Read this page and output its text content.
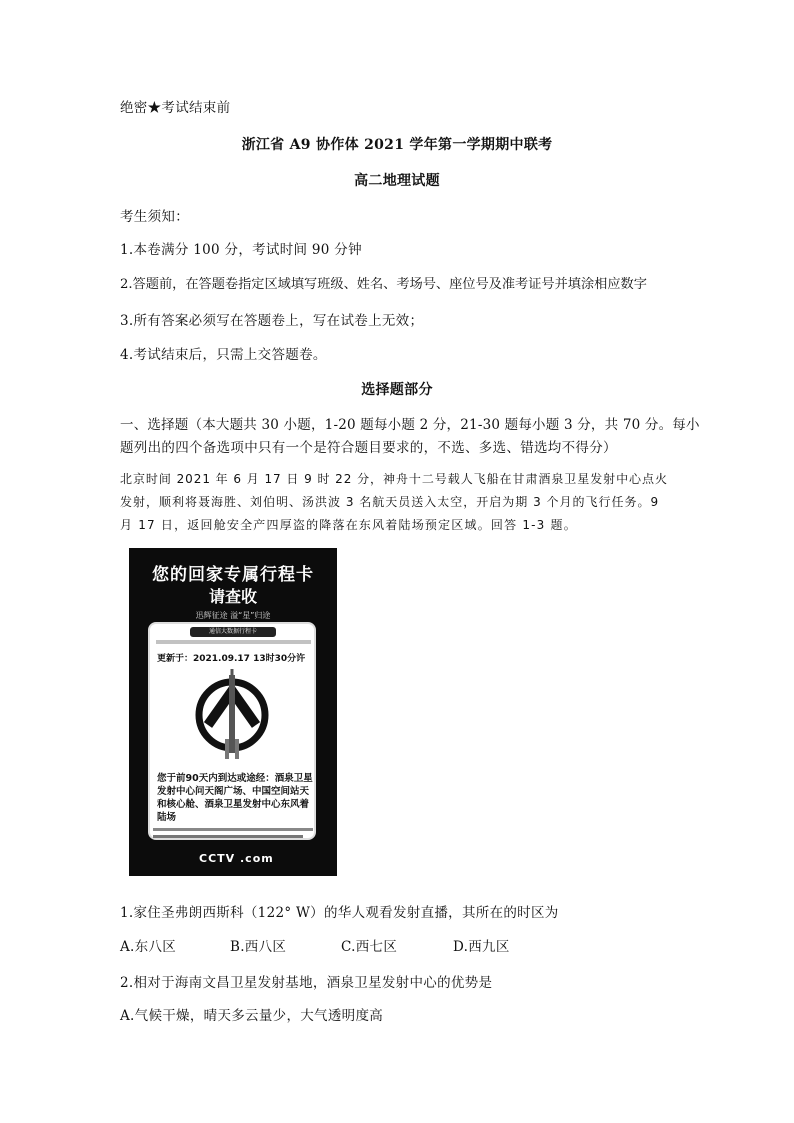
绝密★考试结束前
浙江省 A9 协作体 2021 学年第一学期期中联考
高二地理试题
考生须知：
1.本卷满分 100 分，考试时间 90 分钟
2.答题前，在答题卷指定区域填写班级、姓名、考场号、座位号及准考证号并填涂相应数字
3.所有答案必须写在答题卷上，写在试卷上无效；
4.考试结束后，只需上交答题卷。
选择题部分
一、选择题（本大题共 30 小题，1-20 题每小题 2 分，21-30 题每小题 3 分，共 70 分。每小
题列出的四个备选项中只有一个是符合题目要求的，不选、多选、错选均不得分）
北京时间 2021 年 6 月 17 日 9 时 22 分，神舟十二号载人飞船在甘肃酒泉卫星发射中心点火
发射，顺利将聂海胜、刘伯明、汤洪波 3 名航天员送入太空，开启为期 3 个月的飞行任务。9
月 17 日，返回舱安全产四厚盗的降落在东风着陆场预定区域。回答 1-3 题。
您的回家专属行程卡
请查收
迅辉征途 溢“星”归途
通信大数据行程卡
更新于：2021.09.17 13时30分许
您于前90天内到达或途经：酒泉卫星发射中心问天阁广场、中国空间站天和核心舱、酒泉卫星发射中心东风着陆场
CCTV .com
1.家住圣弗朗西斯科（122° W）的华人观看发射直播，其所在的时区为
A.东八区	B.西八区	C.西七区	D.西九区
2.相对于海南文昌卫星发射基地，酒泉卫星发射中心的优势是
A.气候干燥，晴天多云量少，大气透明度高
